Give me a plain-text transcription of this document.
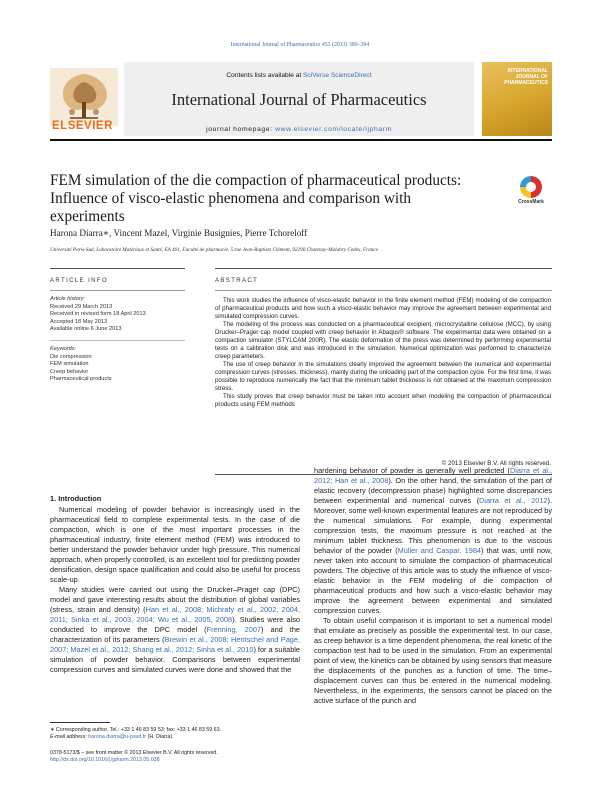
International Journal of Pharmaceutics 453 (2013) 389–394
ELSEVIER
Contents lists available at SciVerse ScienceDirect
International Journal of Pharmaceutics
journal homepage: www.elsevier.com/locate/ijpharm
INTERNATIONAL JOURNAL OF PHARMACEUTICS
FEM simulation of the die compaction of pharmaceutical products: Influence of visco-elastic phenomena and comparison with experiments
CrossMark
Harona Diarra∗, Vincent Mazel, Virginie Busignies, Pierre Tchoreloff
Université Paris-Sud, Laboratoire Matériaux et Santé, EA 401, Faculté de pharmacie, 5 rue Jean-Baptiste Clément, 92290 Chatenay-Malabry Cedex, France
ARTICLE INFO	ABSTRACT
Article history:
Received 29 March 2013
Received in revised form 18 April 2013
Accepted 18 May 2013
Available online 6 June 2013
Keywords:
Die compression
FEM simulation
Creep behavior
Pharmaceutical products

This work studies the influence of visco-elastic behavior in the finite element method (FEM) modeling of die compaction of pharmaceutical products and how such a visco-elastic behavior may improve the agreement between experimental and simulated compression curves.

The modeling of the process was conducted on a pharmaceutical excipient, microcrystalline cellulose (MCC), by using Drucker–Prager cap model coupled with creep behavior in Abaqus® software. The experimental data were obtained on a compaction simulator (STYLCAM 200R). The elastic deformation of the press was determined by performing experimental tests on a calibration disk and was introduced in the simulation. Numerical optimization was performed to characterize creep parameters.

The use of creep behavior in the simulations clearly improved the agreement between the numerical and experimental compression curves (stresses, thickness), mainly during the unloading part of the compaction cycle. For the first time, it was possible to reproduce numerically the fact that the minimum tablet thickness is not obtained at the maximum compression stress.

This study proves that creep behavior must be taken into account when modeling the compaction of pharmaceutical products using FEM methods

© 2013 Elsevier B.V. All rights reserved.
1. Introduction

Numerical modeling of powder behavior is increasingly used in the pharmaceutical field to complete experimental tests. In the case of die compaction, which is one of the most important processes in the pharmaceutical industry, finite element method (FEM) was introduced to better understand the powder behavior under high pressure. This numerical approach, when properly controlled, is an excellent tool for predicting powder densification, design space qualification and could also be useful for process scale-up.

Many studies were carried out using the Drucker–Prager cap (DPC) model and gave interesting results about the distribution of global variables (stress, strain and density) (Han et al., 2008; Michrafy et al., 2002, 2004, 2011; Sinka et al., 2003, 2004; Wu et al., 2005, 2008). Studies were also conducted to improve the DPC model (Frenning, 2007) and the characterization of its parameters (Brewin et al., 2008; Hentschel and Page, 2007; Mazel et al., 2012; Shang et al., 2012; Sinha et al., 2010) for a suitable simulation of powder behavior. Comparisons between experimental compression curves and simulated curves were done and showed that the

hardening behavior of powder is generally well predicted (Diarra et al., 2012; Han et al., 2008). On the other hand, the simulation of the part of elastic recovery (decompression phase) highlighted some discrepancies between experimental and numerical curves (Diarra et al., 2012). Moreover, some well-known experimental features are not reproduced by the numerical simulations. For example, during experimental compression tests, the maximum pressure is not reached at the minimum tablet thickness. This phenomenon is due to the viscous behavior of the powder (Müller and Caspar, 1984) that was, until now, never taken into account to simulate the compaction of pharmaceutical powders. The objective of this article was to study the influence of visco-elastic behavior in the FEM modeling of die compaction of pharmaceutical products and how such a visco-elastic behavior may improve the agreement between experimental and simulated compression curves.

To obtain useful comparison it is important to set a numerical model that emulate as precisely as possible the experimental test. In our case, as creep behavior is a time dependent phenomena, the real kinetic of the compaction test had to be used in the simulation. From an experimental point of view, the kinetics can be obtained by using sensors that measure the displacements of the punches as a function of time. The time–displacement curves can thus be entered in the numerical modeling. Nevertheless, in the experiments, the sensors cannot be placed on the active surface of the punch and

∗ Corresponding author. Tel.: +33 1 46 83 59 53; fax: +33 1 46 83 59 63.
E-mail address: harona.diarra@u-psud.fr (H. Diarra).
0378-5173/$ – see front matter © 2013 Elsevier B.V. All rights reserved.
http://dx.doi.org/10.1016/j.ijpharm.2013.05.038
